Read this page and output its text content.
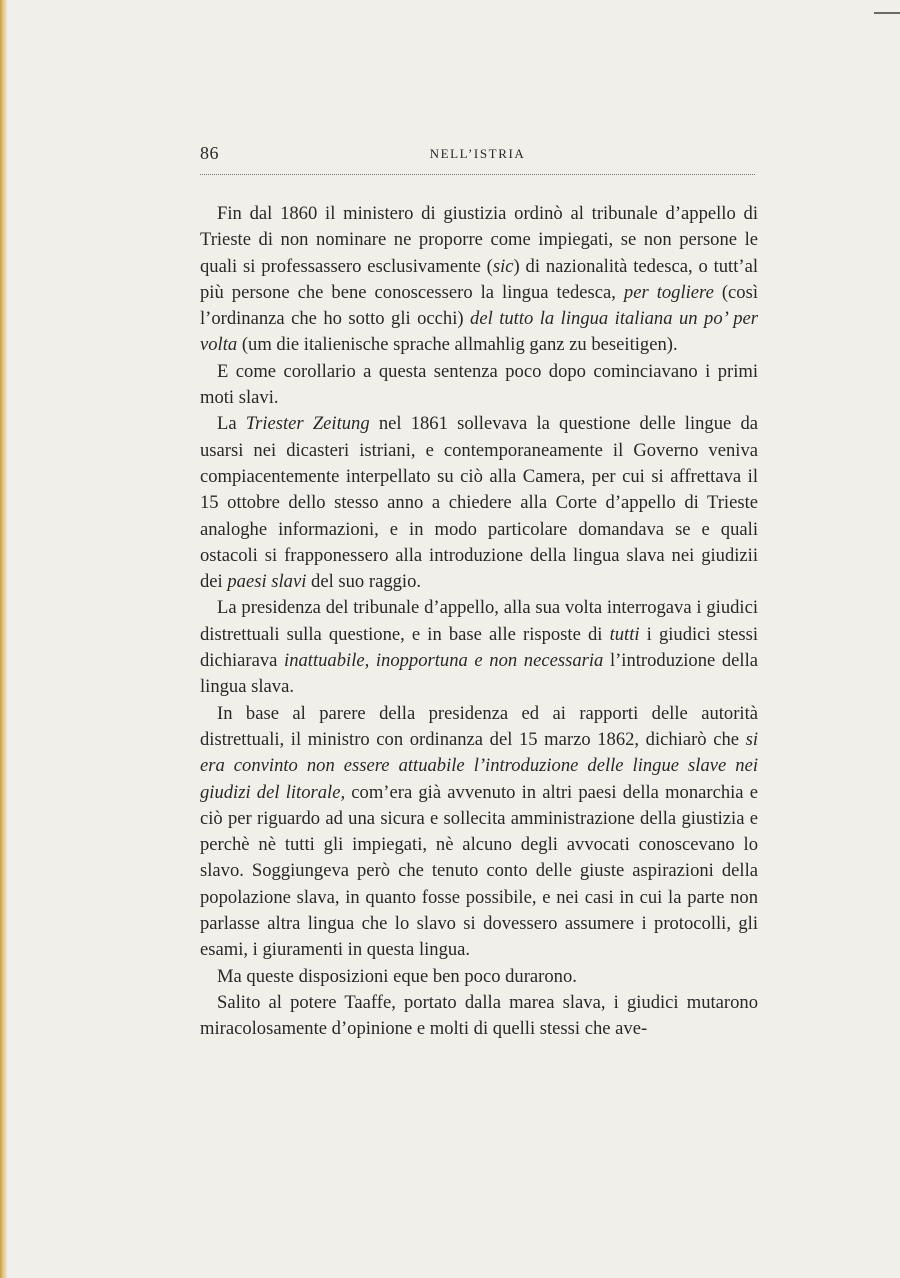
86	NELL’ISTRIA

Fin dal 1860 il ministero di giustizia ordinò al tribunale d’appello di Trieste di non nominare ne proporre come impiegati, se non persone le quali si professassero esclusivamente (sic) di nazionalità tedesca, o tutt’al più persone che bene conoscessero la lingua tedesca, per togliere (così l’ordinanza che ho sotto gli occhi) del tutto la lingua italiana un po’ per volta (um die italienische sprache allmahlig ganz zu beseitigen).

E come corollario a questa sentenza poco dopo cominciavano i primi moti slavi.

La Triester Zeitung nel 1861 sollevava la questione delle lingue da usarsi nei dicasteri istriani, e contemporaneamente il Governo veniva compiacentemente interpellato su ciò alla Camera, per cui si affrettava il 15 ottobre dello stesso anno a chiedere alla Corte d’appello di Trieste analoghe informazioni, e in modo particolare domandava se e quali ostacoli si frapponessero alla introduzione della lingua slava nei giudizii dei paesi slavi del suo raggio.

La presidenza del tribunale d’appello, alla sua volta interrogava i giudici distrettuali sulla questione, e in base alle risposte di tutti i giudici stessi dichiarava inattuabile, inopportuna e non necessaria l’introduzione della lingua slava.

In base al parere della presidenza ed ai rapporti delle autorità distrettuali, il ministro con ordinanza del 15 marzo 1862, dichiarò che si era convinto non essere attuabile l’introduzione delle lingue slave nei giudizi del litorale, com’era già avvenuto in altri paesi della monarchia e ciò per riguardo ad una sicura e sollecita amministrazione della giustizia e perchè nè tutti gli impiegati, nè alcuno degli avvocati conoscevano lo slavo. Soggiungeva però che tenuto conto delle giuste aspirazioni della popolazione slava, in quanto fosse possibile, e nei casi in cui la parte non parlasse altra lingua che lo slavo si dovessero assumere i protocolli, gli esami, i giuramenti in questa lingua.

Ma queste disposizioni eque ben poco durarono.

Salito al potere Taaffe, portato dalla marea slava, i giudici mutarono miracolosamente d’opinione e molti di quelli stessi che ave-
